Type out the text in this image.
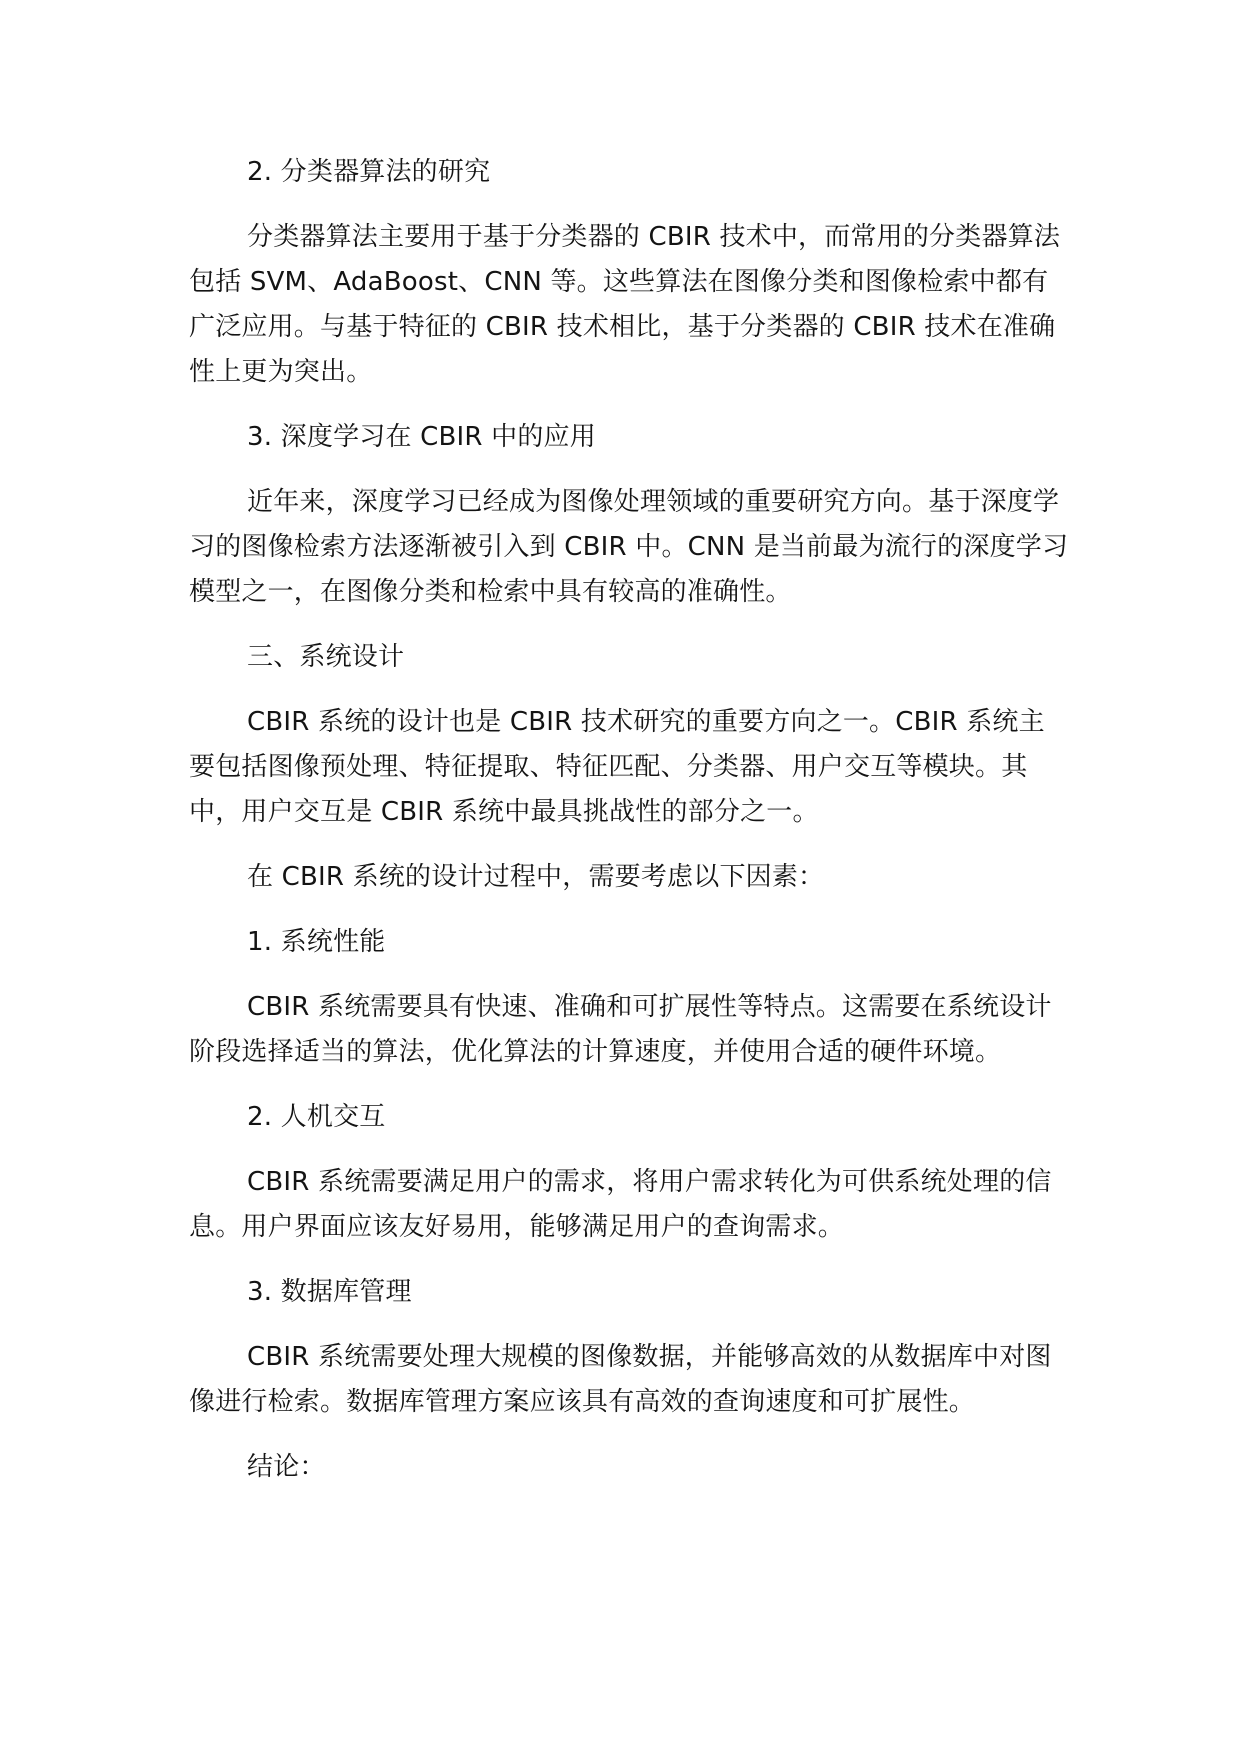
2. 分类器算法的研究
分类器算法主要用于基于分类器的 CBIR 技术中，而常用的分类器算法包括 SVM、AdaBoost、CNN 等。这些算法在图像分类和图像检索中都有广泛应用。与基于特征的 CBIR 技术相比，基于分类器的 CBIR 技术在准确性上更为突出。
3. 深度学习在 CBIR 中的应用
近年来，深度学习已经成为图像处理领域的重要研究方向。基于深度学习的图像检索方法逐渐被引入到 CBIR 中。CNN 是当前最为流行的深度学习模型之一，在图像分类和检索中具有较高的准确性。
三、系统设计
CBIR 系统的设计也是 CBIR 技术研究的重要方向之一。CBIR 系统主要包括图像预处理、特征提取、特征匹配、分类器、用户交互等模块。其中，用户交互是 CBIR 系统中最具挑战性的部分之一。
在 CBIR 系统的设计过程中，需要考虑以下因素：
1. 系统性能
CBIR 系统需要具有快速、准确和可扩展性等特点。这需要在系统设计阶段选择适当的算法，优化算法的计算速度，并使用合适的硬件环境。
2. 人机交互
CBIR 系统需要满足用户的需求，将用户需求转化为可供系统处理的信息。用户界面应该友好易用，能够满足用户的查询需求。
3. 数据库管理
CBIR 系统需要处理大规模的图像数据，并能够高效的从数据库中对图像进行检索。数据库管理方案应该具有高效的查询速度和可扩展性。
结论：
